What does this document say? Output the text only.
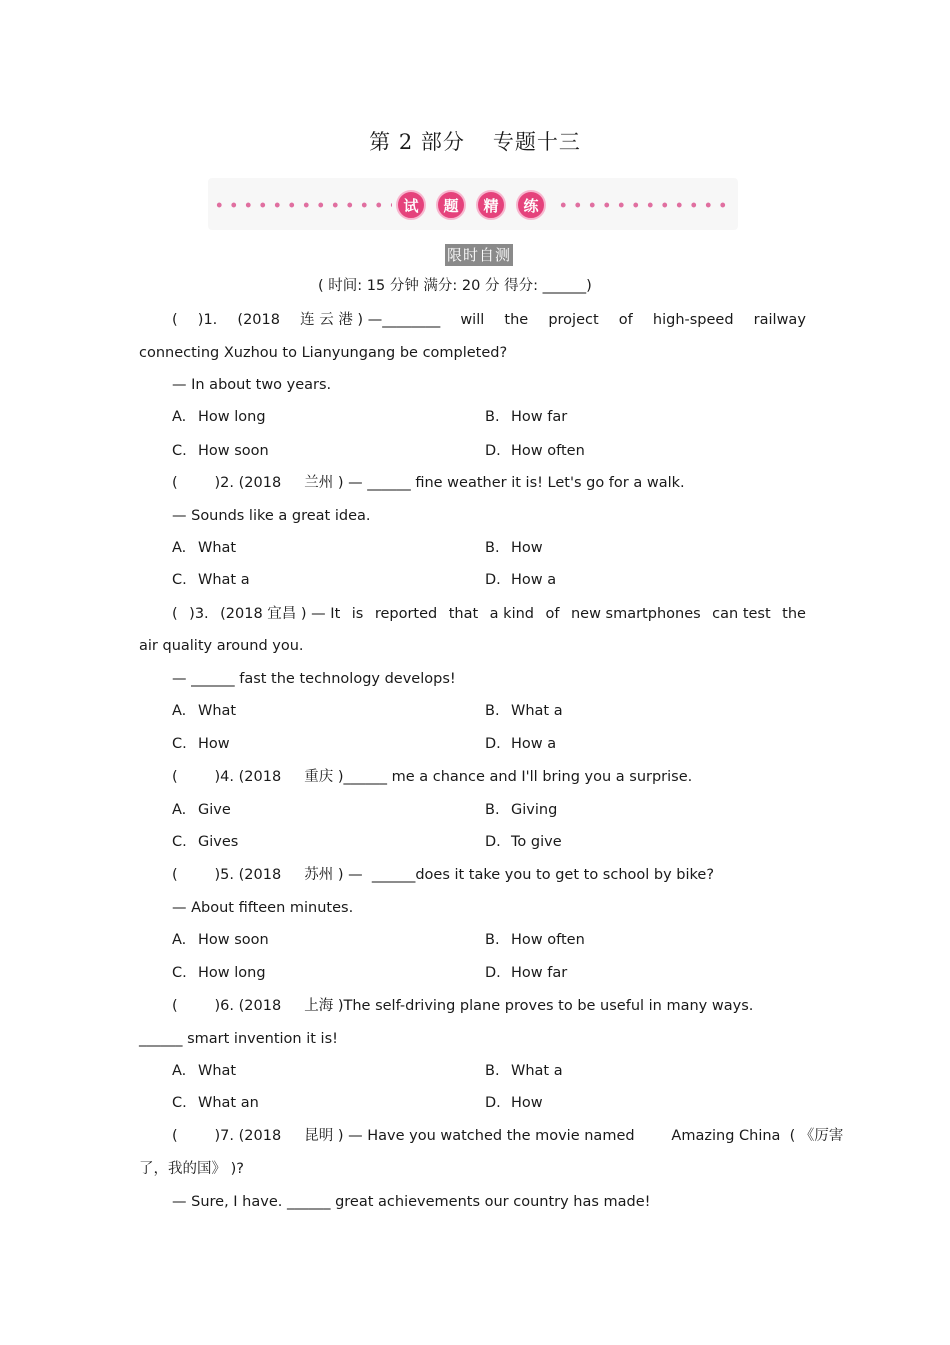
第 2 部分 专题十三
试	题	精	练
限时自测
( 时间: 15 分钟 满分: 20 分 得分: ______)
( )1. (2018 连 云 港 ) —________ will the project of high-speed railway
connecting Xuzhou to Lianyungang be completed?
— In about two years.
A. How long	B. How far
C. How soon	D. How often
(        )2. (2018     兰州 ) — ______ fine weather it is! Let's go for a walk.
— Sounds like a great idea.
A. What	B. How
C. What a	D. How a
( )3. (2018 宜昌 ) — It is reported that a kind of new smartphones can test the
air quality around you.
— ______ fast the technology develops!
A. What	B. What a
C. How	D. How a
(        )4. (2018     重庆 )______ me a chance and I'll bring you a surprise.
A. Give	B. Giving
C. Gives	D. To give
(        )5. (2018     苏州 ) —  ______does it take you to get to school by bike?
— About fifteen minutes.
A. How soon	B. How often
C. How long	D. How far
(        )6. (2018     上海 )The self-driving plane proves to be useful in many ways.
______ smart invention it is!
A. What	B. What a
C. What an	D. How
(        )7. (2018     昆明 ) — Have you watched the movie named        Amazing China  ( 《厉害
了，我的国》 )?
— Sure, I have. ______ great achievements our country has made!
